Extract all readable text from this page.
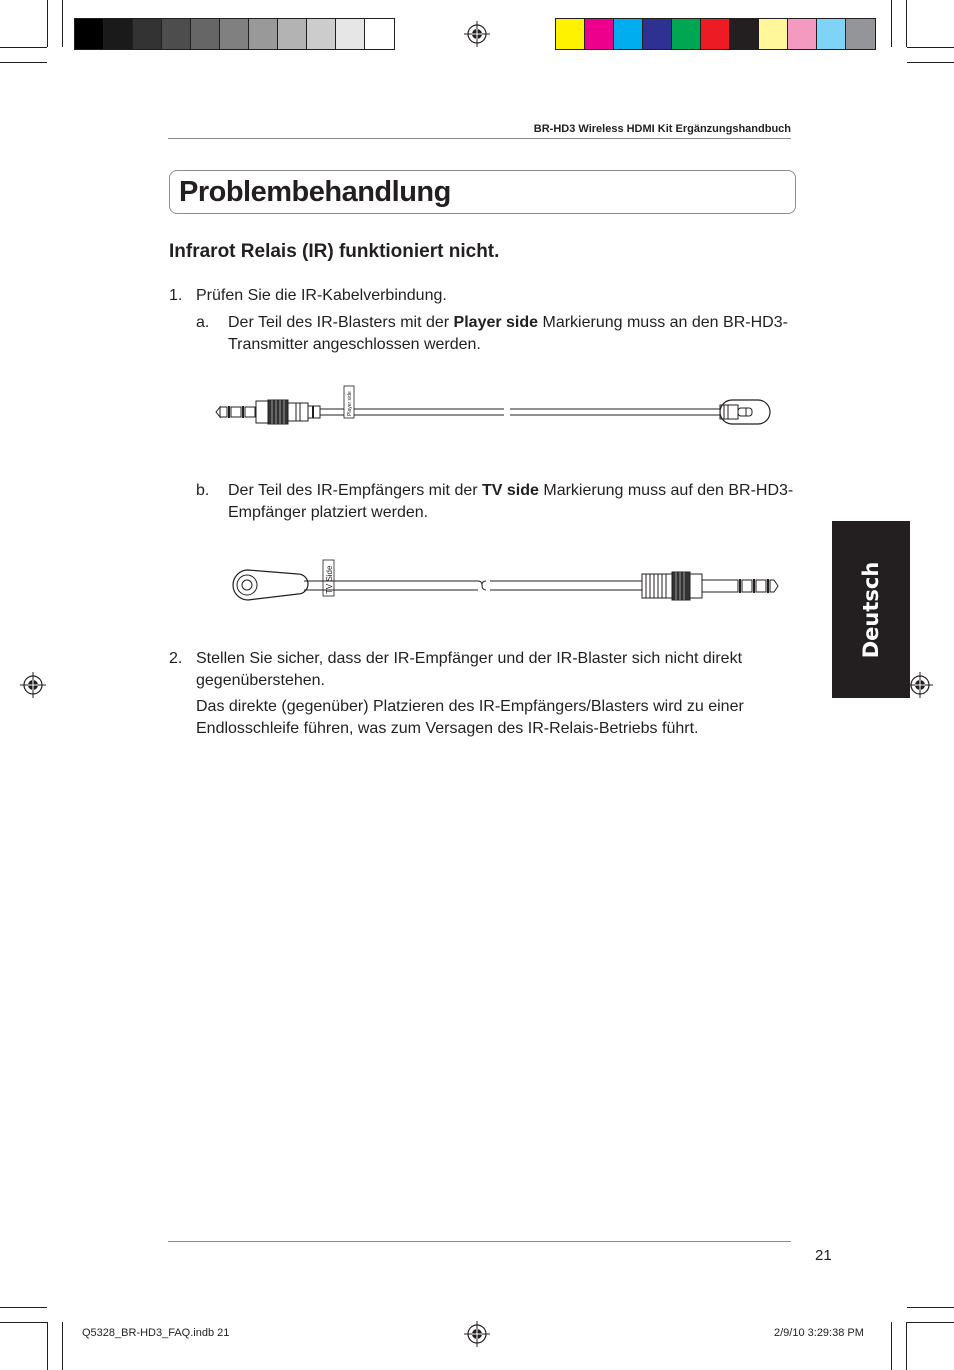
BR-HD3 Wireless HDMI Kit Ergänzungshandbuch
Problembehandlung
Infrarot Relais (IR) funktioniert nicht.
1. Prüfen Sie die IR-Kabelverbindung.
a. Der Teil des IR-Blasters mit der Player side Markierung muss an den BR-HD3-Transmitter angeschlossen werden.
Player side
b. Der Teil des IR-Empfängers mit der TV side Markierung muss auf den BR-HD3-Empfänger platziert werden.
TV Side
2. Stellen Sie sicher, dass der IR-Empfänger und der IR-Blaster sich nicht direkt gegenüberstehen.
Das direkte (gegenüber) Platzieren des IR-Empfängers/Blasters wird zu einer Endlosschleife führen, was zum Versagen des IR-Relais-Betriebs führt.
Deutsch
21
Q5328_BR-HD3_FAQ.indb 21	2/9/10 3:29:38 PM
